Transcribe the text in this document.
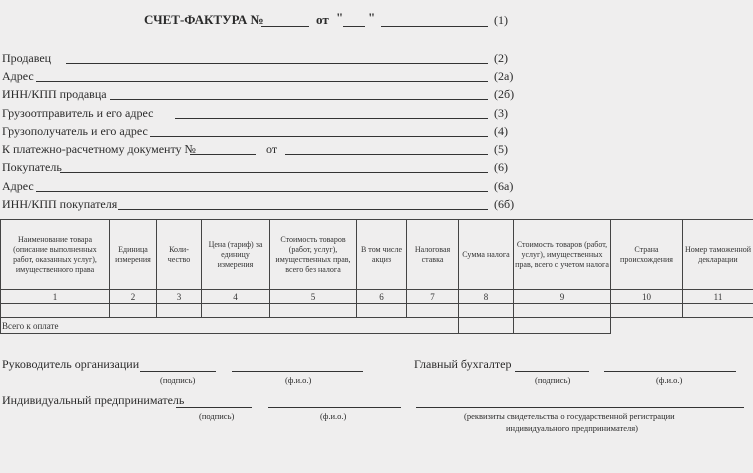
СЧЕТ-ФАКТУРА №	от " "	(1)
Продавец	(2)
Адрес	(2а)
ИНН/КПП продавца	(2б)
Грузоотправитель и его адрес	(3)
Грузополучатель и его адрес	(4)
К платежно-расчетному документу №	от	(5)
Покупатель	(6)
Адрес	(6а)
ИНН/КПП покупателя	(6б)
Наименование товара (описание выполненных работ, оказанных услуг), имущественного права	Единица измерения	Коли-чество	Цена (тариф) за единицу измерения	Стоимость товаров (работ, услуг), имущественных прав, всего без налога	В том числе акциз	Налоговая ставка	Сумма налога	Стоимость товаров (работ, услуг), имущественных прав, всего с учетом налога	Страна происхождения	Номер таможенной декларации
1	2	3	4	5	6	7	8	9	10	11

Всего к оплате										
Руководитель организации
(подпись)	(ф.и.о.)
Главный бухгалтер
(подпись)	(ф.и.о.)
Индивидуальный предприниматель
(подпись)	(ф.и.о.)	(реквизиты свидетельства о государственной регистрации
индивидуального предпринимателя)
